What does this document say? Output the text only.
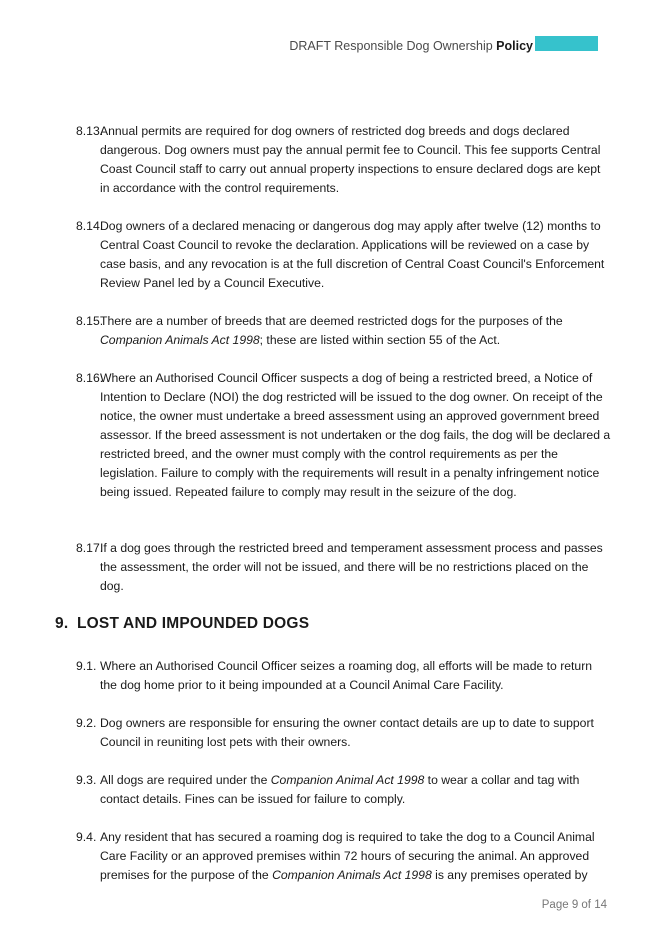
DRAFT Responsible Dog Ownership Policy
8.13.
Annual permits are required for dog owners of restricted dog breeds and dogs declared dangerous. Dog owners must pay the annual permit fee to Council. This fee supports Central Coast Council staff to carry out annual property inspections to ensure declared dogs are kept in accordance with the control requirements.
8.14.
Dog owners of a declared menacing or dangerous dog may apply after twelve (12) months to Central Coast Council to revoke the declaration. Applications will be reviewed on a case by case basis, and any revocation is at the full discretion of Central Coast Council's Enforcement Review Panel led by a Council Executive.
8.15.
There are a number of breeds that are deemed restricted dogs for the purposes of the Companion Animals Act 1998; these are listed within section 55 of the Act.
8.16.
Where an Authorised Council Officer suspects a dog of being a restricted breed, a Notice of Intention to Declare (NOI) the dog restricted will be issued to the dog owner. On receipt of the notice, the owner must undertake a breed assessment using an approved government breed assessor. If the breed assessment is not undertaken or the dog fails, the dog will be declared a restricted breed, and the owner must comply with the control requirements as per the legislation. Failure to comply with the requirements will result in a penalty infringement notice being issued. Repeated failure to comply may result in the seizure of the dog.
8.17.
If a dog goes through the restricted breed and temperament assessment process and passes the assessment, the order will not be issued, and there will be no restrictions placed on the dog.
9. LOST AND IMPOUNDED DOGS
9.1. Where an Authorised Council Officer seizes a roaming dog, all efforts will be made to return the dog home prior to it being impounded at a Council Animal Care Facility.
9.2. Dog owners are responsible for ensuring the owner contact details are up to date to support Council in reuniting lost pets with their owners.
9.3. All dogs are required under the Companion Animal Act 1998 to wear a collar and tag with contact details. Fines can be issued for failure to comply.
9.4. Any resident that has secured a roaming dog is required to take the dog to a Council Animal Care Facility or an approved premises within 72 hours of securing the animal. An approved premises for the purpose of the Companion Animals Act 1998 is any premises operated by
Page 9 of 14
